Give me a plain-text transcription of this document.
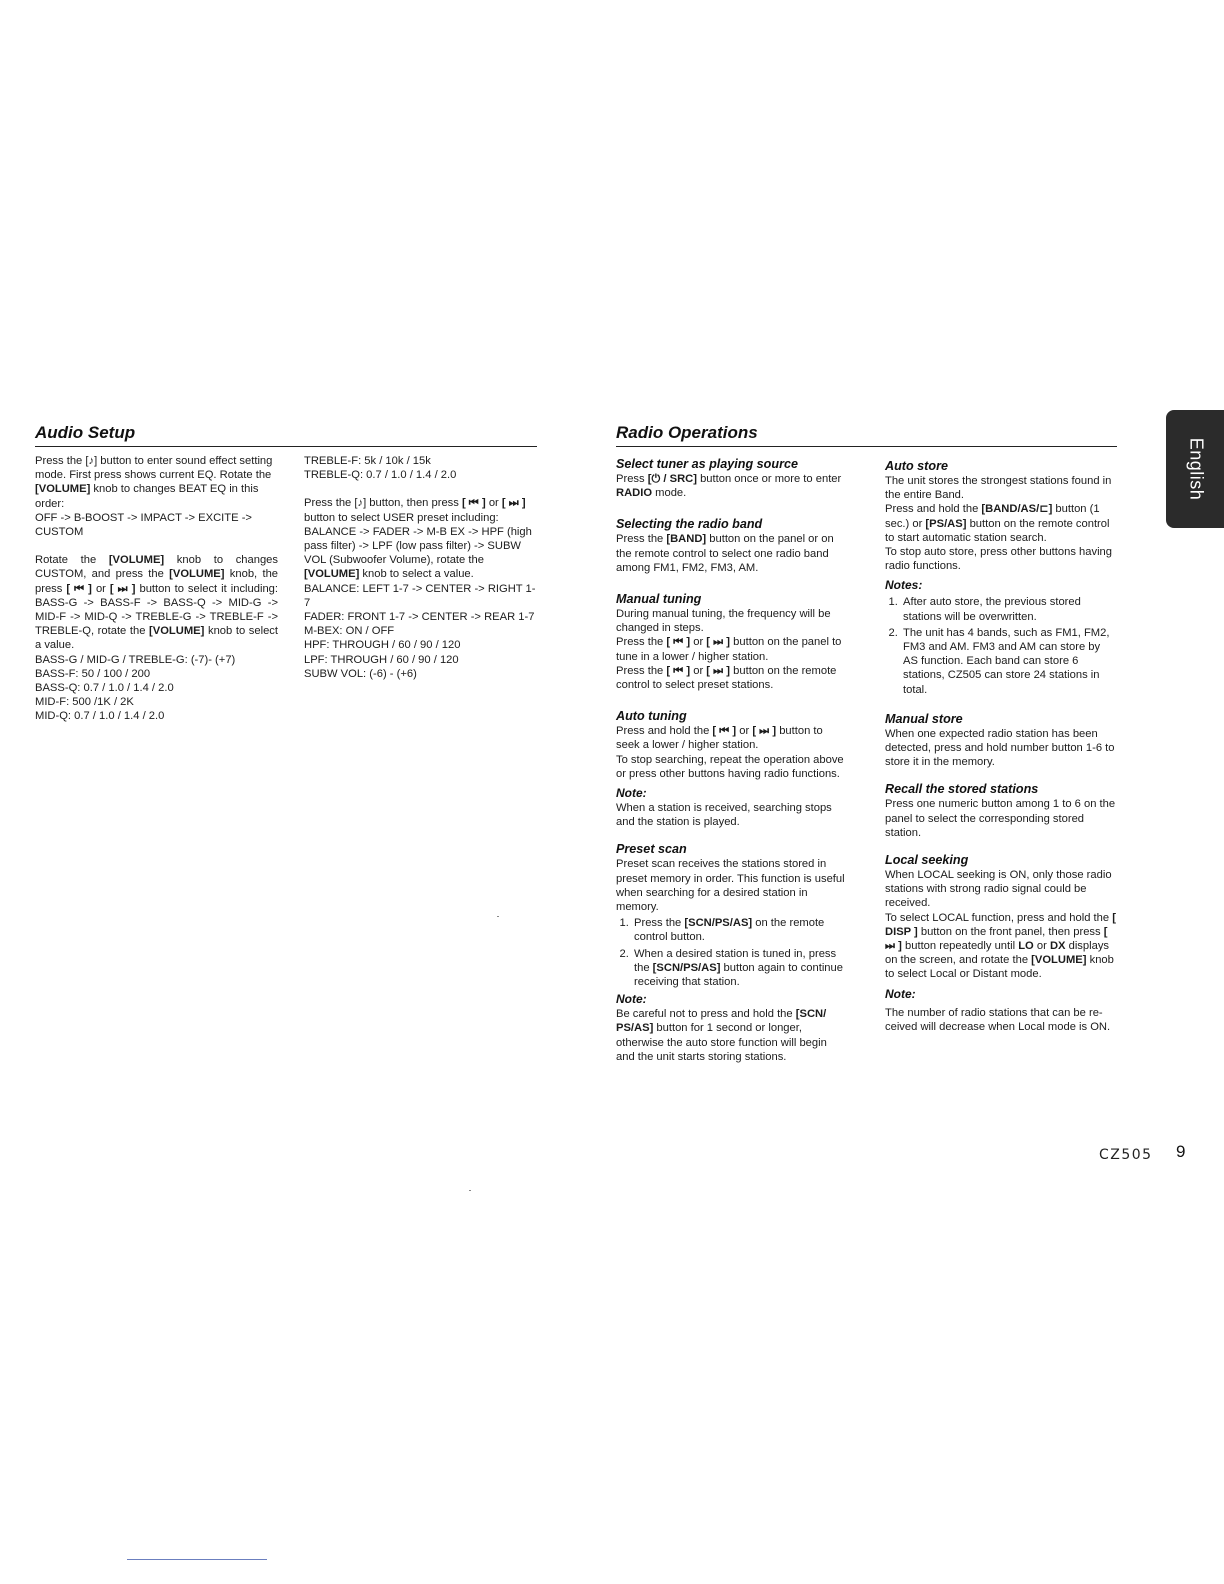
Audio Setup	Radio Operations

Press the [♪] button to enter sound effect setting mode. First press shows current EQ. Rotate the [VOLUME] knob to changes BEAT EQ in this order:

OFF -> B-BOOST -> IMPACT -> EXCITE -> CUSTOM

Rotate the [VOLUME] knob to changes CUSTOM, and press the [VOLUME] knob, the press [ ⏮ ] or [ ⏭ ] button to select it including: BASS-G -> BASS-F -> BASS-Q -> MID-G -> MID-F -> MID-Q -> TREBLE-G -> TREBLE-F -> TREBLE-Q, rotate the [VOLUME] knob to select a value.

BASS-G / MID-G / TREBLE-G: (-7)- (+7)

BASS-F: 50 / 100 / 200

BASS-Q: 0.7 / 1.0 / 1.4 / 2.0

MID-F: 500 /1K / 2K

MID-Q: 0.7 / 1.0 / 1.4 / 2.0

TREBLE-F: 5k / 10k / 15k

TREBLE-Q: 0.7 / 1.0 / 1.4 / 2.0

Press the [♪] button, then press [ ⏮ ] or [ ⏭ ] button to select USER preset including:

BALANCE -> FADER -> M-B EX -> HPF (high pass filter) -> LPF (low pass filter) -> SUBW VOL (Subwoofer Volume), rotate the [VOLUME] knob to select a value.

BALANCE: LEFT 1-7 -> CENTER -> RIGHT 1-7

FADER: FRONT 1-7 -> CENTER -> REAR 1-7

M-BEX: ON / OFF

HPF: THROUGH / 60 / 90 / 120

LPF: THROUGH / 60 / 90 / 120

SUBW VOL: (-6) - (+6)

Select tuner as playing source

Press [⏻ / SRC] button once or more to enter RADIO mode.

Selecting the radio band

Press the [BAND] button on the panel or on the remote control to select one radio band among FM1, FM2, FM3, AM.

Manual tuning

During manual tuning, the frequency will be changed in steps.

Press the [ ⏮ ] or [ ⏭ ] button on the panel to tune in a lower / higher station.

Press the [ ⏮ ] or [ ⏭ ] button on the remote control to select preset stations.

Auto tuning

Press and hold the [ ⏮ ] or [ ⏭ ] button to seek a lower / higher station.

To stop searching, repeat the operation above or press other buttons having radio functions.

Note:

When a station is received, searching stops and the station is played.

Preset scan

Preset scan receives the stations stored in preset memory in order. This function is useful when searching for a desired station in memory.

1. Press the [SCN/PS/AS] on the remote control button.
2. When a desired station is tuned in, press the [SCN/PS/AS] button again to continue receiving that station.
Note:

Be careful not to press and hold the [SCN/ PS/AS] button for 1 second or longer, otherwise the auto store function will begin and the unit starts storing stations.

Auto store

The unit stores the strongest stations found in the entire Band.

Press and hold the [BAND/AS/⊏] button (1 sec.) or [PS/AS] button on the remote control to start automatic station search.

To stop auto store, press other buttons having radio functions.

Notes:
1. After auto store, the previous stored stations will be overwritten.
2. The unit has 4 bands, such as FM1, FM2, FM3 and AM. FM3 and AM can store by AS function. Each band can store 6 stations, CZ505 can store 24 stations in total.
Manual store

When one expected radio station has been detected, press and hold number button 1-6 to store it in the memory.

Recall the stored stations

Press one numeric button among 1 to 6 on the panel to select the corresponding stored station.

Local seeking

When LOCAL seeking is ON, only those radio stations with strong radio signal could be received.

To select LOCAL function, press and hold the [ DISP ] button on the front panel, then press [ ⏭ ] button repeatedly until LO or DX displays on the screen, and rotate the [VOLUME] knob to select Local or Distant mode.

Note:

The number of radio stations that can be re-ceived will decrease when Local mode is ON.

English
CZ505 9
